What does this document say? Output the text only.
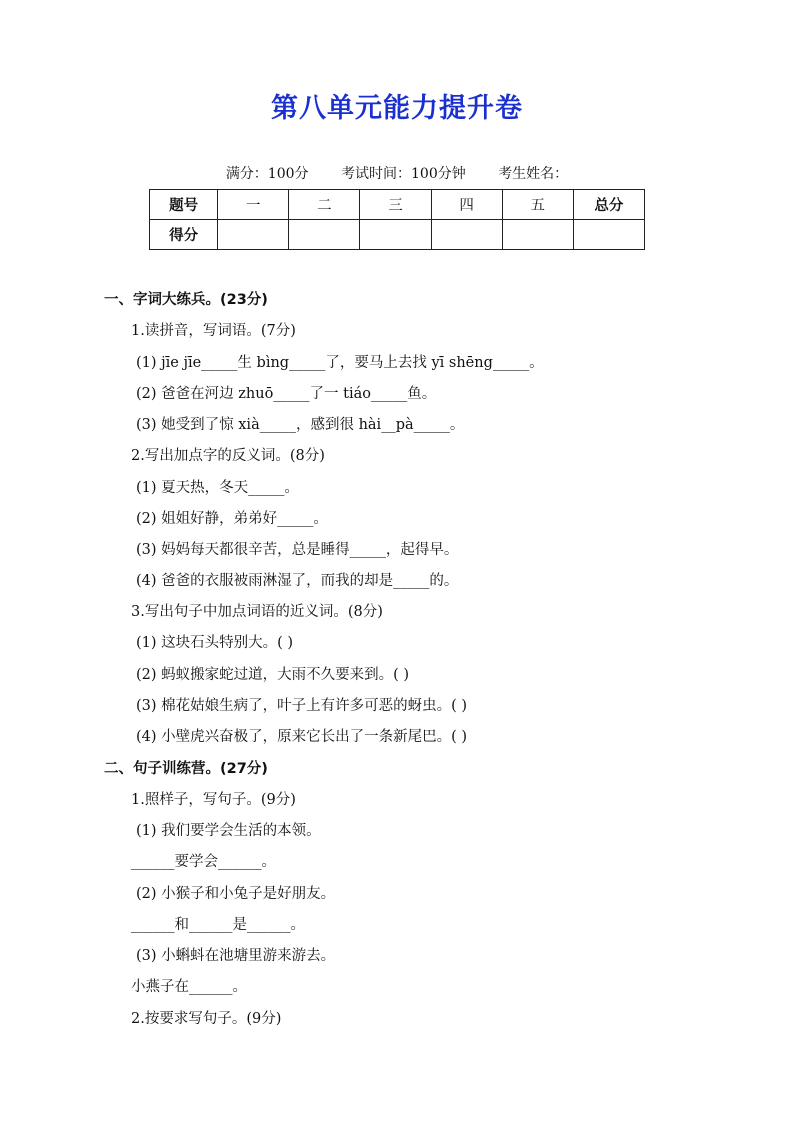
第八单元能力提升卷
满分：100分 考试时间：100分钟 考生姓名：
题号	一	二	三	四	五	总分
得分						
一、字词大练兵。(23分)
1.读拼音，写词语。(7分)
(1) jīe jīe_____生 bìng_____了，要马上去找 yī shēng_____。
(2) 爸爸在河边 zhuō_____了一 tiáo_____鱼。
(3) 她受到了惊 xià_____，感到很 hài__pà_____。
2.写出加点字的反义词。(8分)
(1) 夏天热，冬天_____。
(2) 姐姐好静，弟弟好_____。
(3) 妈妈每天都很辛苦，总是睡得_____，起得早。
(4) 爸爸的衣服被雨淋湿了，而我的却是_____的。
3.写出句子中加点词语的近义词。(8分)
(1) 这块石头特别大。( )
(2) 蚂蚁搬家蛇过道，大雨不久要来到。( )
(3) 棉花姑娘生病了，叶子上有许多可恶的蚜虫。( )
(4) 小壁虎兴奋极了，原来它长出了一条新尾巴。( )
二、句子训练营。(27分)
1.照样子，写句子。(9分)
(1) 我们要学会生活的本领。
______要学会______。
(2) 小猴子和小兔子是好朋友。
______和______是______。
(3) 小蝌蚪在池塘里游来游去。
小燕子在______。
2.按要求写句子。(9分)
